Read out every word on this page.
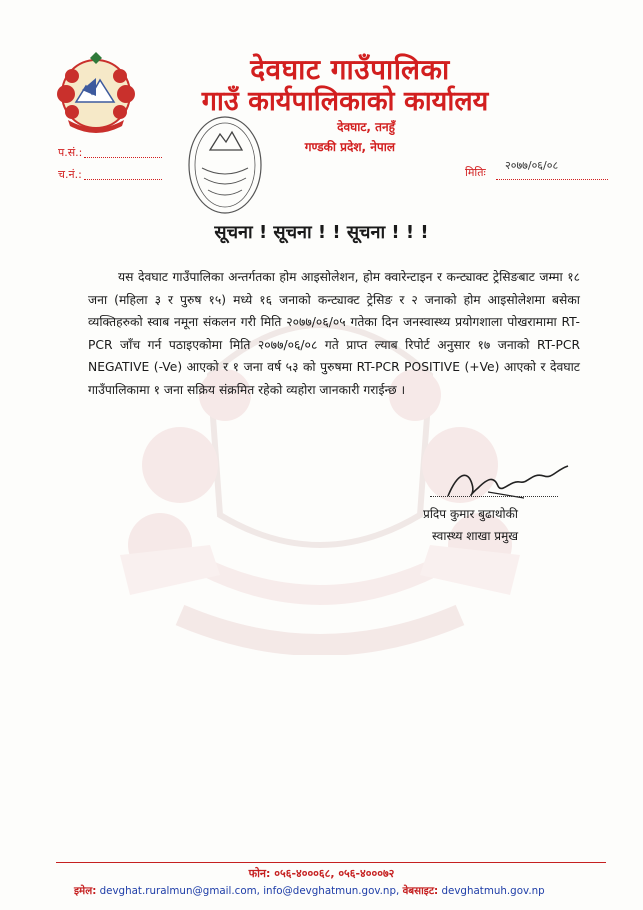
देवघाट गाउँपालिका
गाउँ कार्यपालिकाको कार्यालय
देवघाट, तनहुँ
गण्डकी प्रदेश, नेपाल
प.सं.:
च.नं.:	मितिः
२०७७/०६/०८
सूचना ! सूचना ! ! सूचना ! ! !
यस देवघाट गाउँपालिका अन्तर्गतका होम आइसोलेशन, होम क्वारेन्टाइन र कन्ट्याक्ट ट्रेसिङबाट जम्मा १८ जना (महिला ३ र पुरुष १५) मध्ये १६ जनाको कन्ट्याक्ट ट्रेसिङ र २ जनाको होम आइसोलेशमा बसेका व्यक्तिहरुको स्वाब नमूना संकलन गरी मिति २०७७/०६/०५ गतेका दिन जनस्वास्थ्य प्रयोगशाला पोखरामामा RT-PCR जाँच गर्न पठाइएकोमा मिति २०७७/०६/०८ गते प्राप्त ल्याब रिपोर्ट अनुसार १७ जनाको RT-PCR NEGATIVE (-Ve) आएको र १ जना वर्ष ५३ को पुरुषमा RT-PCR POSITIVE (+Ve) आएको र देवघाट गाउँपालिकामा १ जना सक्रिय संक्रमित रहेको व्यहोरा जानकारी गराईन्छ ।
प्रदिप कुमार बुढाथोकी
स्वास्थ्य शाखा प्रमुख
फोन: ०५६-४०००६८, ०५६-४०००७२
इमेल: devghat.ruralmun@gmail.com, info@devghatmun.gov.np, वेबसाइट: devghatmuh.gov.np
